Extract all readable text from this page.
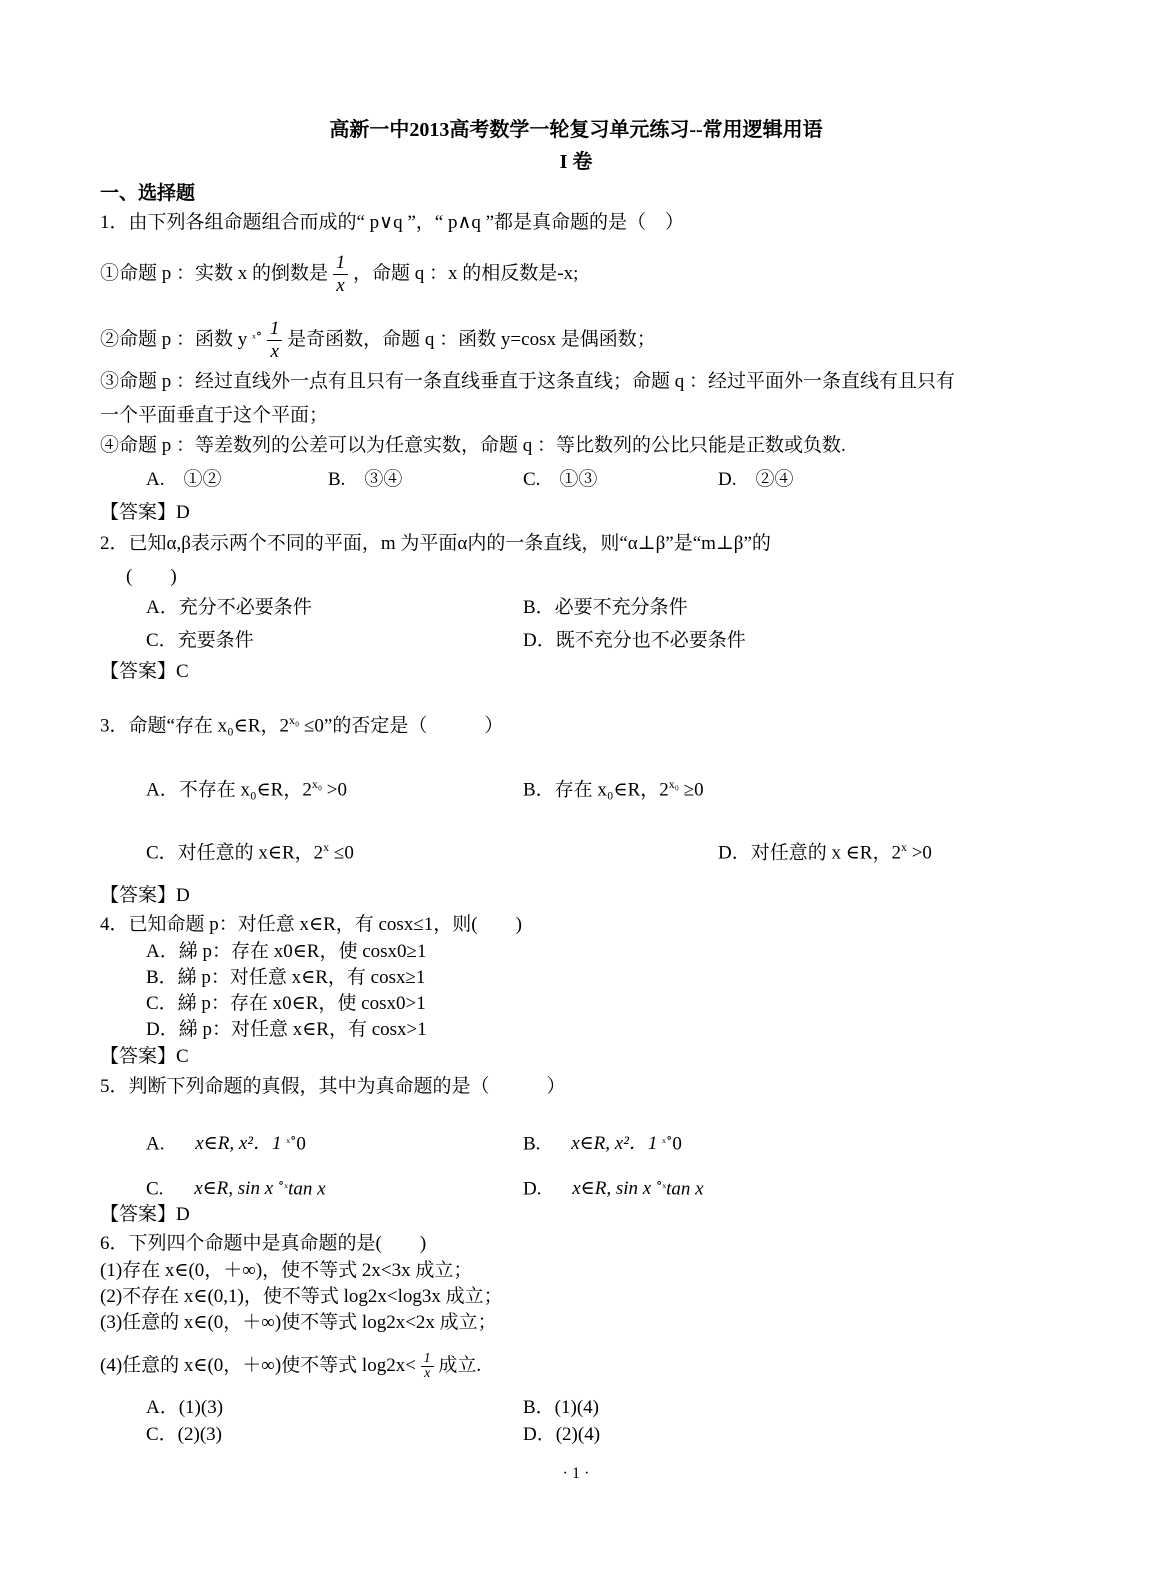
高新一中2013高考数学一轮复习单元练习--常用逻辑用语
I 卷
一、选择题
1．由下列各组命题组合而成的“ p∨q ”，“ p∧q ”都是真命题的是（　）
①命题 p ：实数 x 的倒数是 $\frac{1}{x}$ ，命题 q ：x 的相反数是-x;
②命题 p ：函数 y $^{_x\circ} \frac{1}{x}$ 是奇函数，命题 q ：函数 y=cosx 是偶函数；
③命题 p ：经过直线外一点有且只有一条直线垂直于这条直线；命题 q ：经过平面外一条直线有且只有
一个平面垂直于这个平面；
④命题 p ：等差数列的公差可以为任意实数，命题 q ：等比数列的公比只能是正数或负数.
A.　①②	B.　③④	C.　①③	D.　②④
【答案】D
2．已知α,β表示两个不同的平面，m 为平面α内的一条直线，则“α⊥β”是“m⊥β”的
(　　)
A．充分不必要条件	B．必要不充分条件
C．充要条件	D．既不充分也不必要条件
【答案】C
3．命题“存在 x₀∈R，$2^{x_0} \le 0$”的否定是（　　　）
A．不存在 x₀∈R，$2^{x_0} >0$	B．存在 x₀∈R，$2^{x_0} \ge 0$
C．对任意的 x∈R，$2^x \le 0$	D．对任意的 x ∈R，$2^x >0$
【答案】D
4．已知命题 p：对任意 x∈R，有 cosx≤1，则(　　)
A．綈 p：存在 x0∈R，使 cosx0≥1
B．綈 p：对任意 x∈R，有 cosx≥1
C．綈 p：存在 x0∈R，使 cosx0>1
D．綈 p：对任意 x∈R，有 cosx>1
【答案】C
5．判断下列命题的真假，其中为真命题的是（　　　）
A. x∈R, x²．1 $^{_x\circ}$0	B. x∈R, x²．1 $^{_x\circ}$0
C. x∈R, sin x $^{\circ_x}$tan x	D. x∈R, sin x $^{\circ_x}$tan x
【答案】D
6．下列四个命题中是真命题的是(　　)
(1)存在 x∈(0，＋∞)，使不等式 2x<3x 成立；
(2)不存在 x∈(0,1)，使不等式 log2x<log3x 成立；
(3)任意的 x∈(0，＋∞)使不等式 log2x<2x 成立；
(4)任意的 x∈(0，＋∞)使不等式 $\log 2x< \frac{1}{x}$ 成立.
A．(1)(3)	B．(1)(4)
C．(2)(3)	D．(2)(4)
· 1 ·
